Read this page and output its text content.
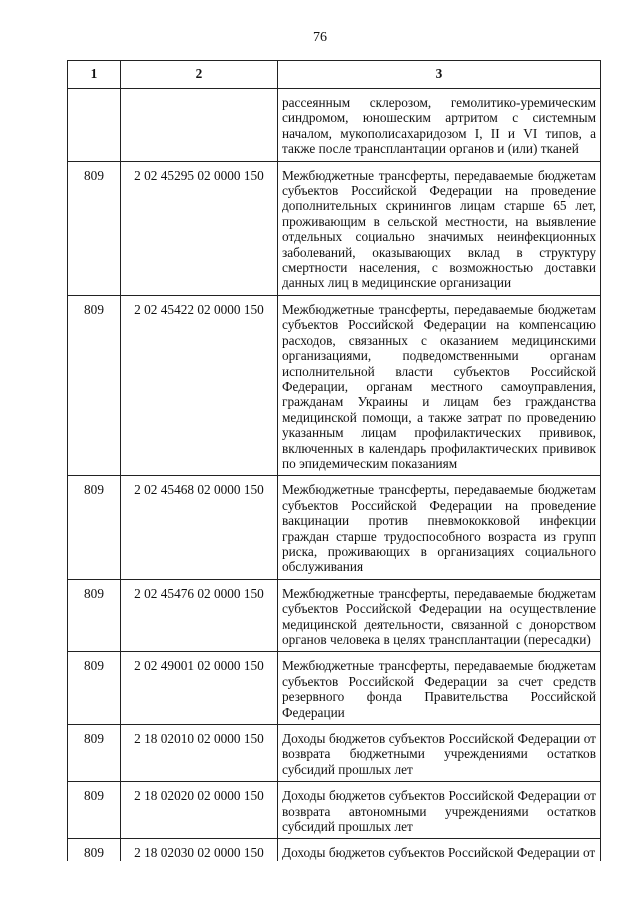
76
1	2	3
		рассеянным склерозом, гемолитико-уремическим синдромом, юношеским артритом с системным началом, мукополисахаридозом I, II и VI типов, а также после трансплантации органов и (или) тканей
809	2 02 45295 02 0000 150	Межбюджетные трансферты, передаваемые бюджетам субъектов Российской Федерации на проведение дополнительных скринингов лицам старше 65 лет, проживающим в сельской местности, на выявление отдельных социально значимых неинфекционных заболеваний, оказывающих вклад в структуру смертности населения, с возможностью доставки данных лиц в медицинские организации
809	2 02 45422 02 0000 150	Межбюджетные трансферты, передаваемые бюджетам субъектов Российской Федерации на компенсацию расходов, связанных с оказанием медицинскими организациями, подведомственными органам исполнительной власти субъектов Российской Федерации, органам местного самоуправления, гражданам Украины и лицам без гражданства медицинской помощи, а также затрат по проведению указанным лицам профилактических прививок, включенных в календарь профилактических прививок по эпидемическим показаниям
809	2 02 45468 02 0000 150	Межбюджетные трансферты, передаваемые бюджетам субъектов Российской Федерации на проведение вакцинации против пневмококковой инфекции граждан старше трудоспособного возраста из групп риска, проживающих в организациях социального обслуживания
809	2 02 45476 02 0000 150	Межбюджетные трансферты, передаваемые бюджетам субъектов Российской Федерации на осуществление медицинской деятельности, связанной с донорством органов человека в целях трансплантации (пересадки)
809	2 02 49001 02 0000 150	Межбюджетные трансферты, передаваемые бюджетам субъектов Российской Федерации за счет средств резервного фонда Правительства Российской Федерации
809	2 18 02010 02 0000 150	Доходы бюджетов субъектов Российской Федерации от возврата бюджетными учреждениями остатков субсидий прошлых лет
809	2 18 02020 02 0000 150	Доходы бюджетов субъектов Российской Федерации от возврата автономными учреждениями остатков субсидий прошлых лет
809	2 18 02030 02 0000 150	Доходы бюджетов субъектов Российской Федерации от
